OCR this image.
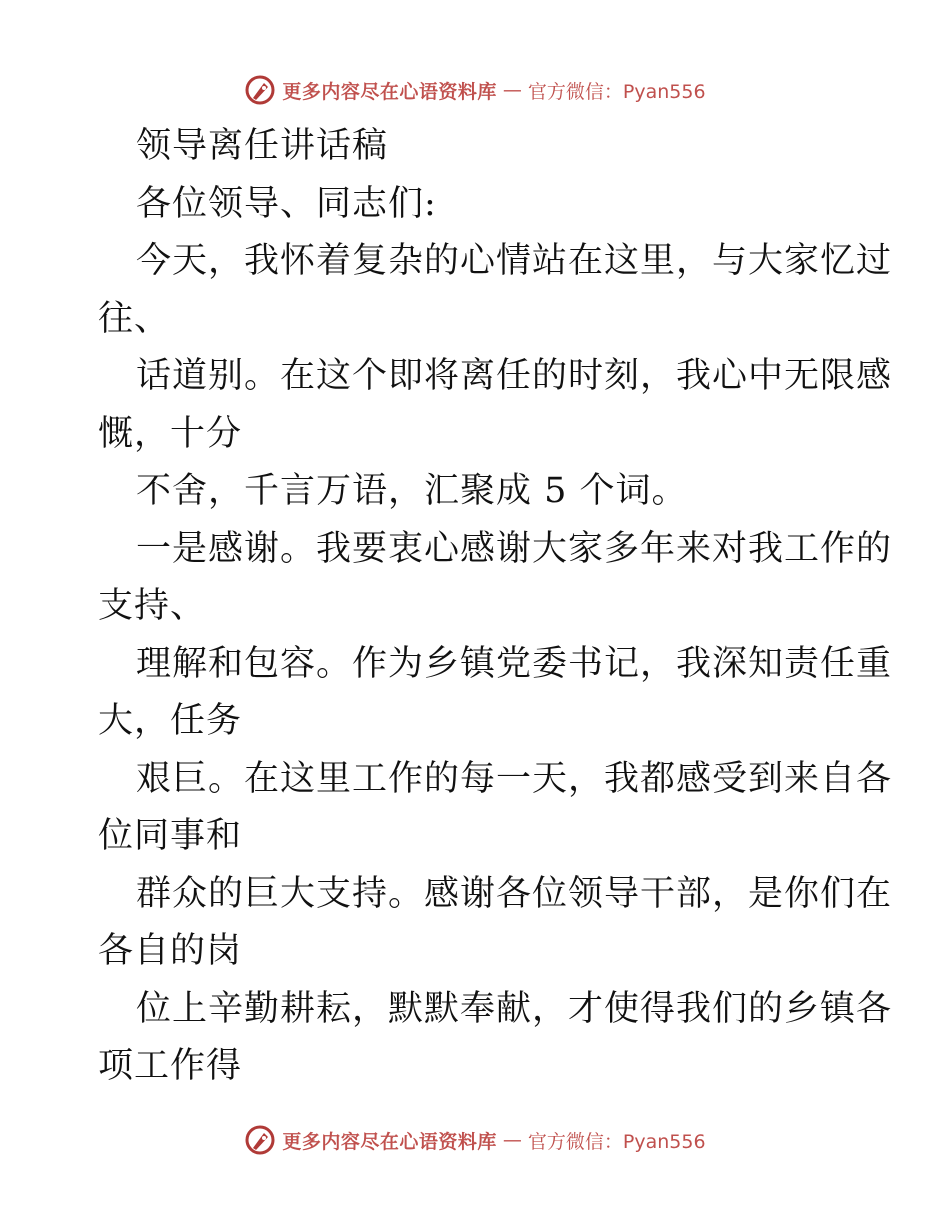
更多内容尽在心语资料库 — 官方微信：Pyan556
领导离任讲话稿
各位领导、同志们:
今天，我怀着复杂的心情站在这里，与大家忆过
往、
话道别。在这个即将离任的时刻，我心中无限感
慨，十分
不舍，千言万语，汇聚成 5 个词。
一是感谢。我要衷心感谢大家多年来对我工作的
支持、
理解和包容。作为乡镇党委书记，我深知责任重
大，任务
艰巨。在这里工作的每一天，我都感受到来自各
位同事和
群众的巨大支持。感谢各位领导干部，是你们在
各自的岗
位上辛勤耕耘，默默奉献，才使得我们的乡镇各
项工作得
更多内容尽在心语资料库 — 官方微信：Pyan556
